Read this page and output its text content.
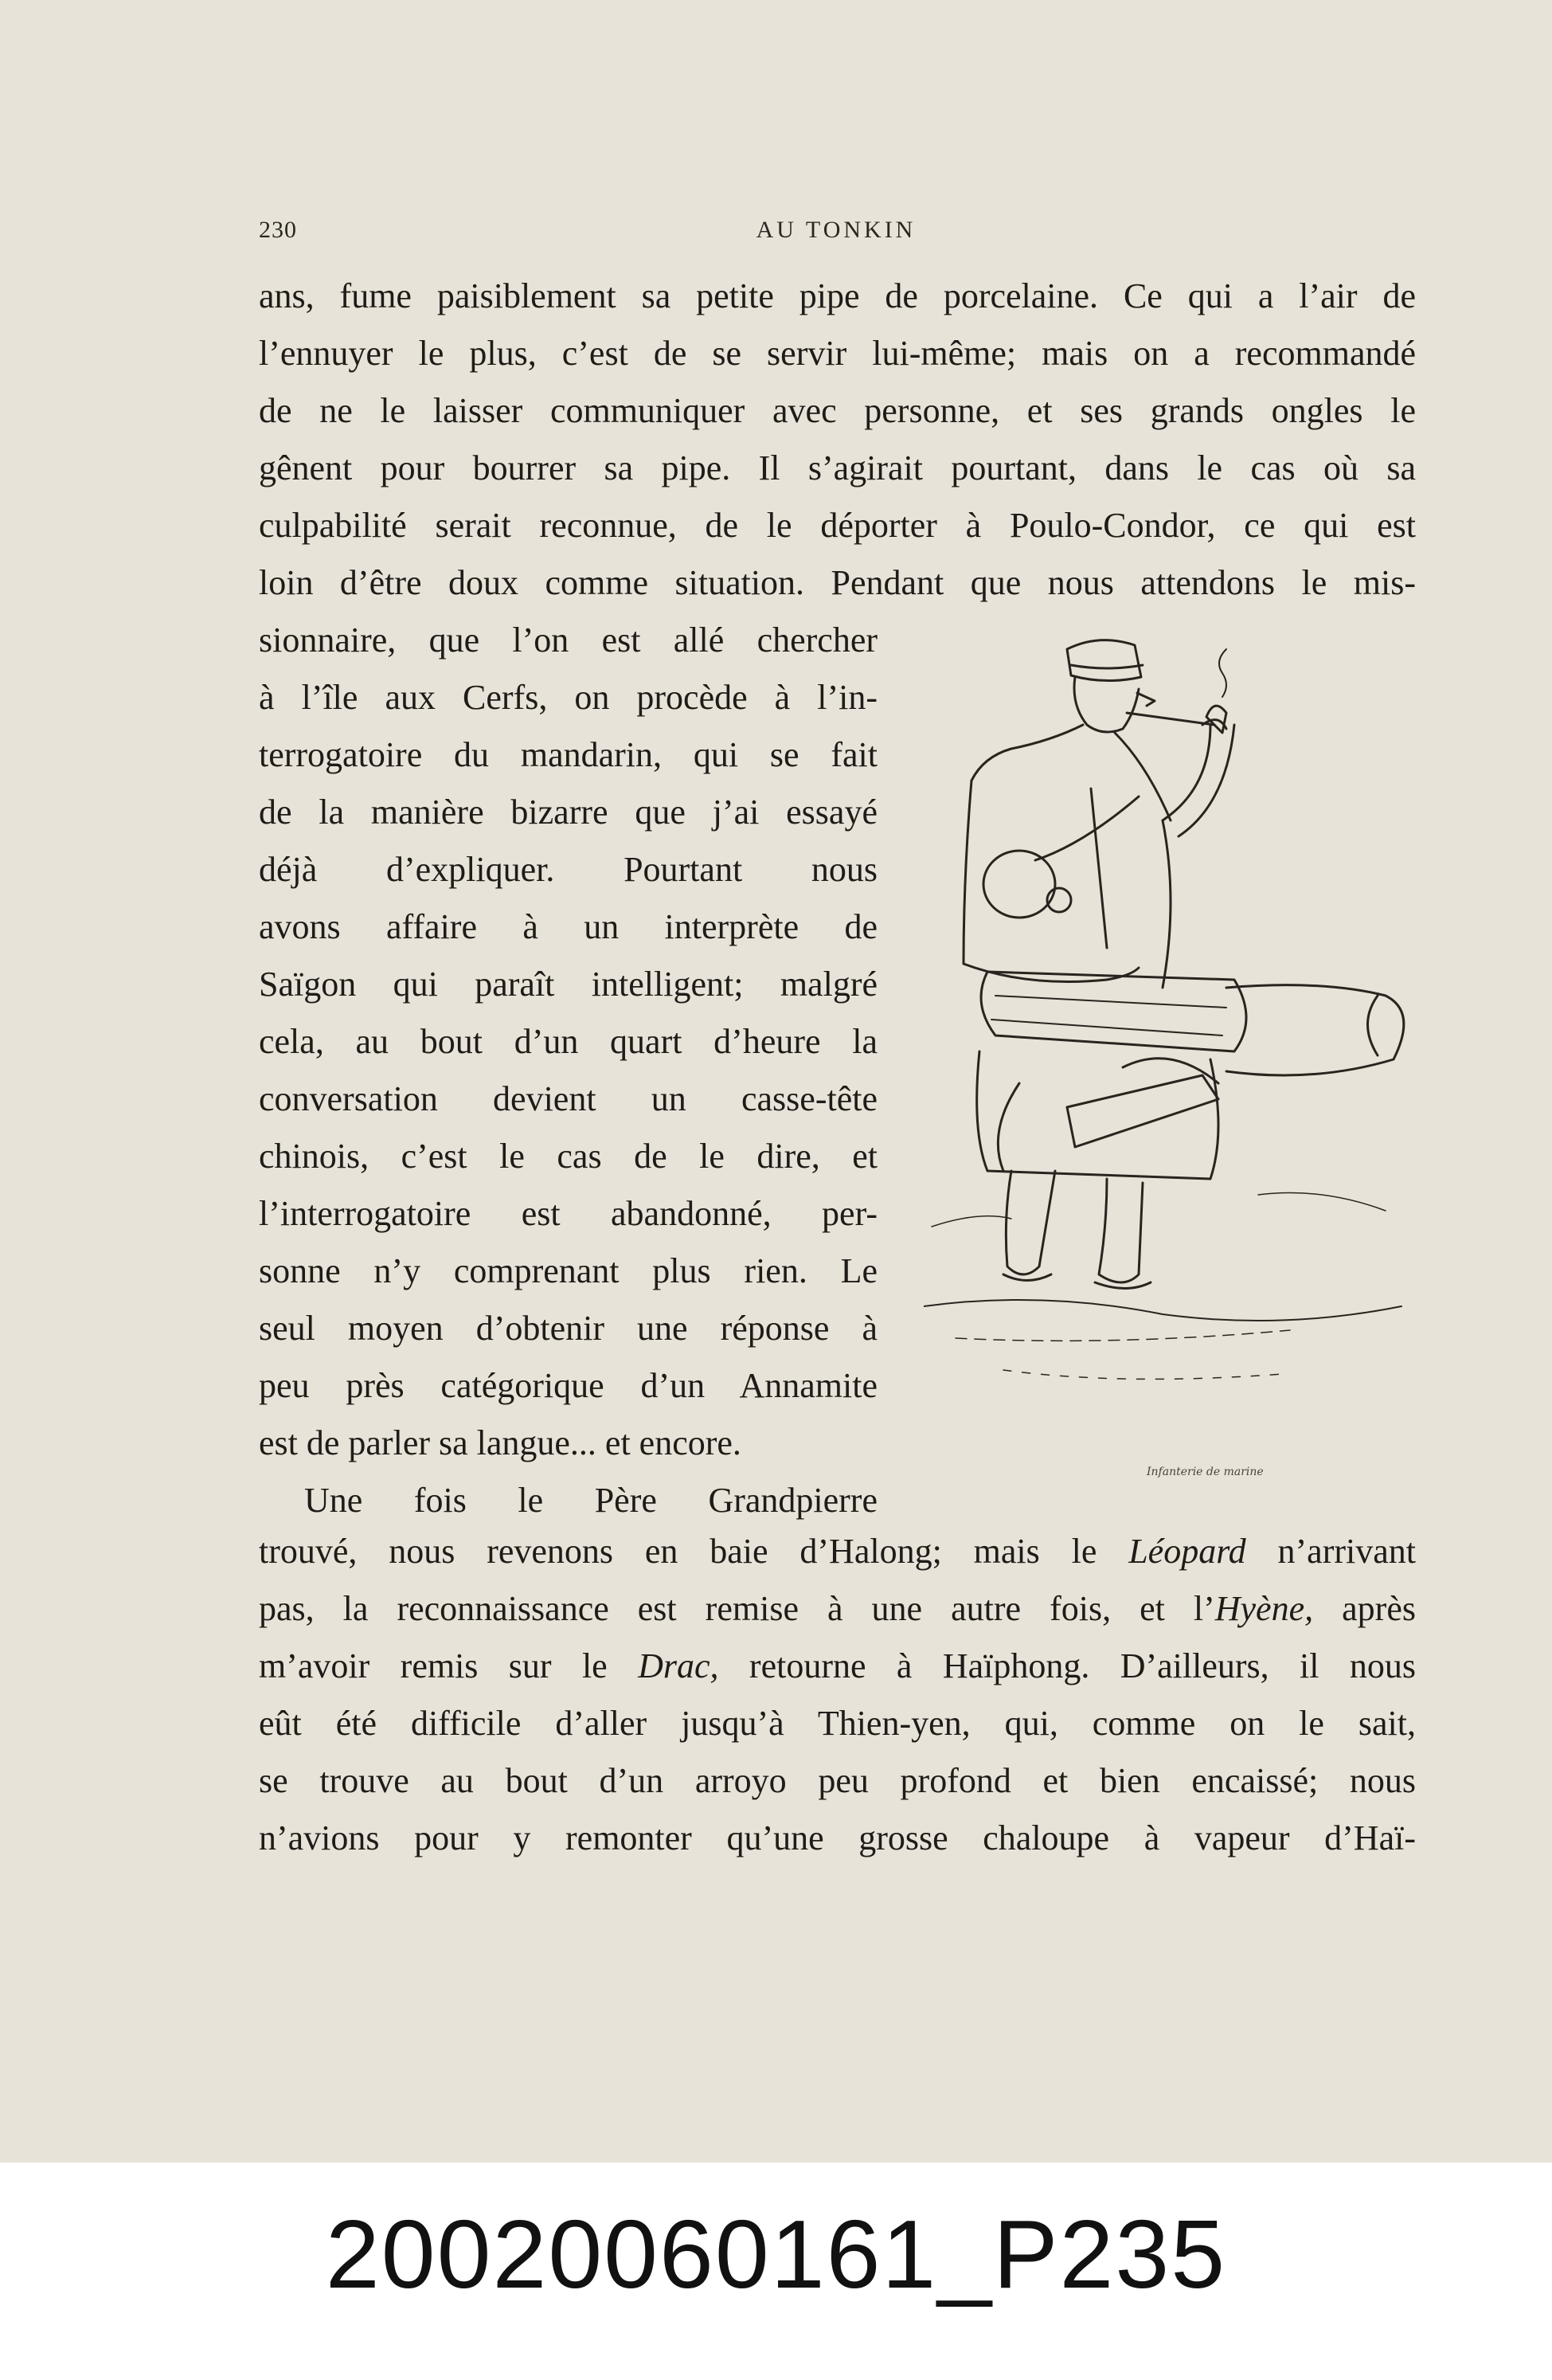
230	AU TONKIN
ans, fume paisiblement sa petite pipe de porcelaine. Ce qui a l’air de
l’ennuyer le plus, c’est de se servir lui-même; mais on a recommandé
de ne le laisser communiquer avec personne, et ses grands ongles le
gênent pour bourrer sa pipe. Il s’agirait pourtant, dans le cas où sa
culpabilité serait reconnue, de le déporter à Poulo-Condor, ce qui est
loin d’être doux comme situation. Pendant que nous attendons le mis-
sionnaire, que l’on est allé chercher
à l’île aux Cerfs, on procède à l’in-
terrogatoire du mandarin, qui se fait
de la manière bizarre que j’ai essayé
déjà d’expliquer. Pourtant nous
avons affaire à un interprète de
Saïgon qui paraît intelligent; malgré
cela, au bout d’un quart d’heure la
conversation devient un casse-tête
chinois, c’est le cas de le dire, et
l’interrogatoire est abandonné, per-
sonne n’y comprenant plus rien. Le
seul moyen d’obtenir une réponse à
peu près catégorique d’un Annamite
est de parler sa langue... et encore.
Une fois le Père Grandpierre
Infanterie de marine
trouvé, nous revenons en baie d’Halong; mais le Léopard n’arrivant
pas, la reconnaissance est remise à une autre fois, et l’Hyène, après
m’avoir remis sur le Drac, retourne à Haïphong. D’ailleurs, il nous
eût été difficile d’aller jusqu’à Thien-yen, qui, comme on le sait,
se trouve au bout d’un arroyo peu profond et bien encaissé; nous
n’avions pour y remonter qu’une grosse chaloupe à vapeur d’Haï-
20020060161_P235
